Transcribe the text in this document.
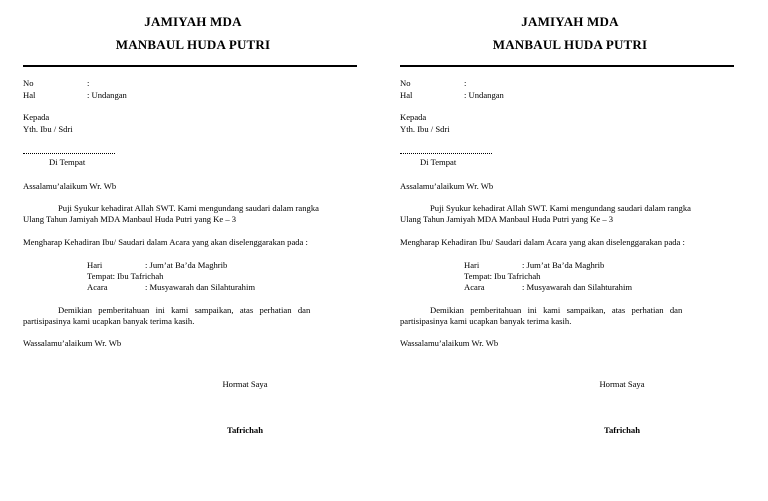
JAMIYAH MDA
MANBAUL HUDA PUTRI
No	:
Hal	: Undangan
Kepada
Yth. Ibu / Sdri
Di Tempat
Assalamu’alaikum Wr. Wb
Puji Syukur kehadirat Allah SWT. Kami mengundang saudari dalam rangka
Ulang Tahun Jamiyah MDA Manbaul Huda Putri yang Ke – 3
Mengharap Kehadiran Ibu/ Saudari dalam Acara yang akan diselenggarakan pada :
Hari	: Jum’at Ba’da Maghrib
Tempat: Ibu Tafrichah
Acara	: Musyawarah dan Silahturahim
Demikian pemberitahuan ini kami sampaikan, atas perhatian dan
partisipasinya kami ucapkan banyak terima kasih.
Wassalamu’alaikum Wr. Wb
Hormat Saya
Tafrichah
JAMIYAH MDA
MANBAUL HUDA PUTRI
No	:
Hal	: Undangan
Kepada
Yth. Ibu / Sdri
Di Tempat
Assalamu’alaikum Wr. Wb
Puji Syukur kehadirat Allah SWT. Kami mengundang saudari dalam rangka
Ulang Tahun Jamiyah MDA Manbaul Huda Putri yang Ke – 3
Mengharap Kehadiran Ibu/ Saudari dalam Acara yang akan diselenggarakan pada :
Hari	: Jum’at Ba’da Maghrib
Tempat: Ibu Tafrichah
Acara	: Musyawarah dan Silahturahim
Demikian pemberitahuan ini kami sampaikan, atas perhatian dan
partisipasinya kami ucapkan banyak terima kasih.
Wassalamu’alaikum Wr. Wb
Hormat Saya
Tafrichah
